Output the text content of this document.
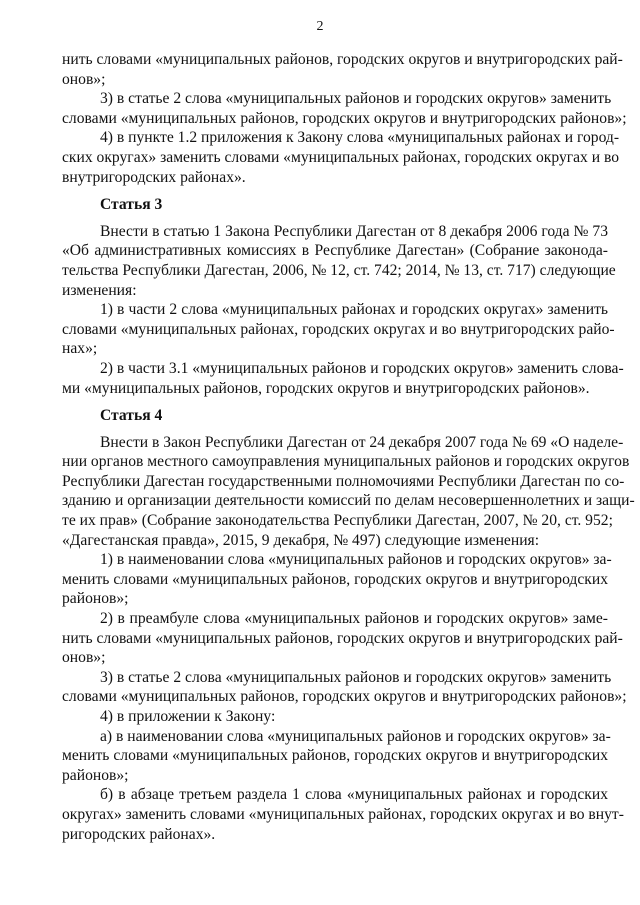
2
нить словами «муниципальных районов, городских округов и внутригородских рай-
онов»;
3) в статье 2 слова «муниципальных районов и городских округов» заменить
словами «муниципальных районов, городских округов и внутригородских районов»;
4) в пункте 1.2 приложения к Закону слова «муниципальных районах и город-
ских округах» заменить словами «муниципальных районах, городских округах и во
внутригородских районах».
Статья 3
Внести в статью 1 Закона Республики Дагестан от 8 декабря 2006 года № 73
«Об административных комиссиях в Республике Дагестан» (Собрание законода-
тельства Республики Дагестан, 2006, № 12, ст. 742; 2014, № 13, ст. 717) следующие
изменения:
1) в части 2 слова «муниципальных районах и городских округах» заменить
словами «муниципальных районах, городских округах и во внутригородских райо-
нах»;
2) в части 3.1 «муниципальных районов и городских округов» заменить слова-
ми «муниципальных районов, городских округов и внутригородских районов».
Статья 4
Внести в Закон Республики Дагестан от 24 декабря 2007 года № 69 «О наделе-
нии органов местного самоуправления муниципальных районов и городских округов
Республики Дагестан государственными полномочиями Республики Дагестан по со-
зданию и организации деятельности комиссий по делам несовершеннолетних и защи-
те их прав» (Собрание законодательства Республики Дагестан, 2007, № 20, ст. 952;
«Дагестанская правда», 2015, 9 декабря, № 497) следующие изменения:
1) в наименовании слова «муниципальных районов и городских округов» за-
менить словами «муниципальных районов, городских округов и внутригородских
районов»;
2) в преамбуле слова «муниципальных районов и городских округов» заме-
нить словами «муниципальных районов, городских округов и внутригородских рай-
онов»;
3) в статье 2 слова «муниципальных районов и городских округов» заменить
словами «муниципальных районов, городских округов и внутригородских районов»;
4) в приложении к Закону:
а) в наименовании слова «муниципальных районов и городских округов» за-
менить словами «муниципальных районов, городских округов и внутригородских
районов»;
б) в абзаце третьем раздела 1 слова «муниципальных районах и городских
округах» заменить словами «муниципальных районах, городских округах и во внут-
ригородских районах».
